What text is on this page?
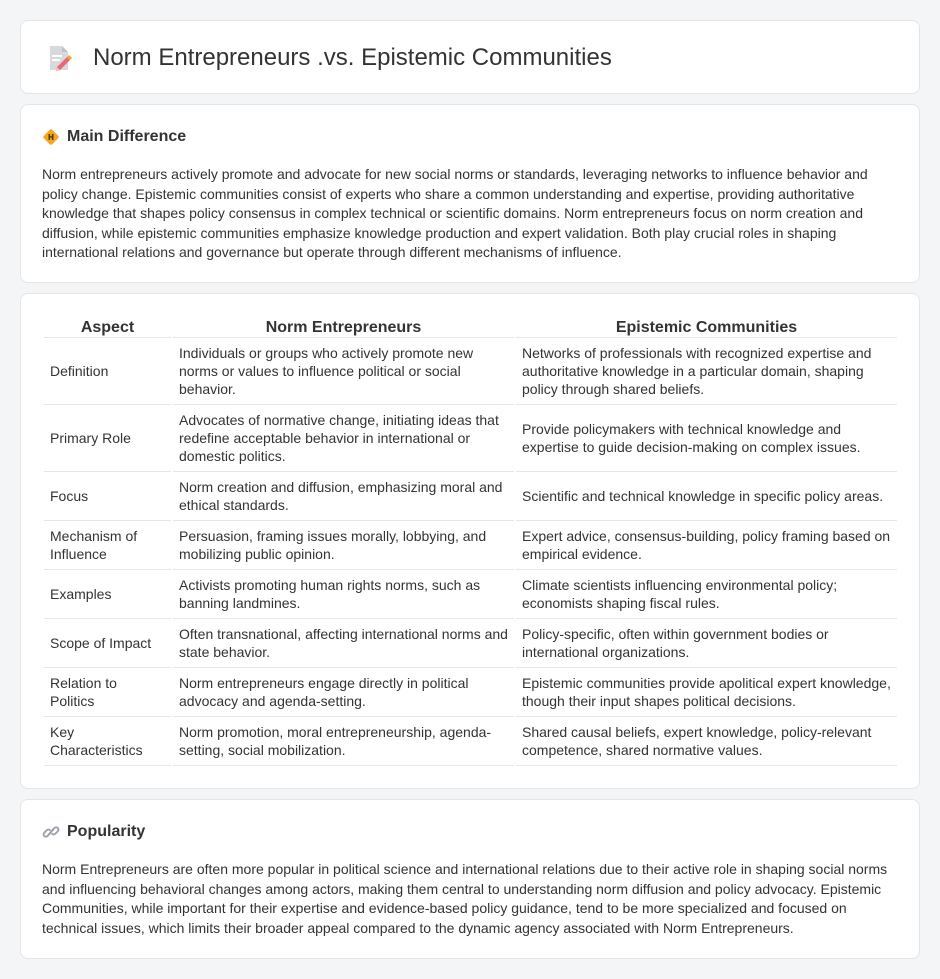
Norm Entrepreneurs .vs. Epistemic Communities
Main Difference

Norm entrepreneurs actively promote and advocate for new social norms or standards, leveraging networks to influence behavior and policy change. Epistemic communities consist of experts who share a common understanding and expertise, providing authoritative knowledge that shapes policy consensus in complex technical or scientific domains. Norm entrepreneurs focus on norm creation and diffusion, while epistemic communities emphasize knowledge production and expert validation. Both play crucial roles in shaping international relations and governance but operate through different mechanisms of influence.

Aspect	Norm Entrepreneurs	Epistemic Communities
Definition	Individuals or groups who actively promote new norms or values to influence political or social behavior.	Networks of professionals with recognized expertise and authoritative knowledge in a particular domain, shaping policy through shared beliefs.
Primary Role	Advocates of normative change, initiating ideas that redefine acceptable behavior in international or domestic politics.	Provide policymakers with technical knowledge and expertise to guide decision-making on complex issues.
Focus	Norm creation and diffusion, emphasizing moral and ethical standards.	Scientific and technical knowledge in specific policy areas.
Mechanism of Influence	Persuasion, framing issues morally, lobbying, and mobilizing public opinion.	Expert advice, consensus-building, policy framing based on empirical evidence.
Examples	Activists promoting human rights norms, such as banning landmines.	Climate scientists influencing environmental policy; economists shaping fiscal rules.
Scope of Impact	Often transnational, affecting international norms and state behavior.	Policy-specific, often within government bodies or international organizations.
Relation to Politics	Norm entrepreneurs engage directly in political advocacy and agenda-setting.	Epistemic communities provide apolitical expert knowledge, though their input shapes political decisions.
Key Characteristics	Norm promotion, moral entrepreneurship, agenda-setting, social mobilization.	Shared causal beliefs, expert knowledge, policy-relevant competence, shared normative values.
Popularity

Norm Entrepreneurs are often more popular in political science and international relations due to their active role in shaping social norms and influencing behavioral changes among actors, making them central to understanding norm diffusion and policy advocacy. Epistemic Communities, while important for their expertise and evidence-based policy guidance, tend to be more specialized and focused on technical issues, which limits their broader appeal compared to the dynamic agency associated with Norm Entrepreneurs.
